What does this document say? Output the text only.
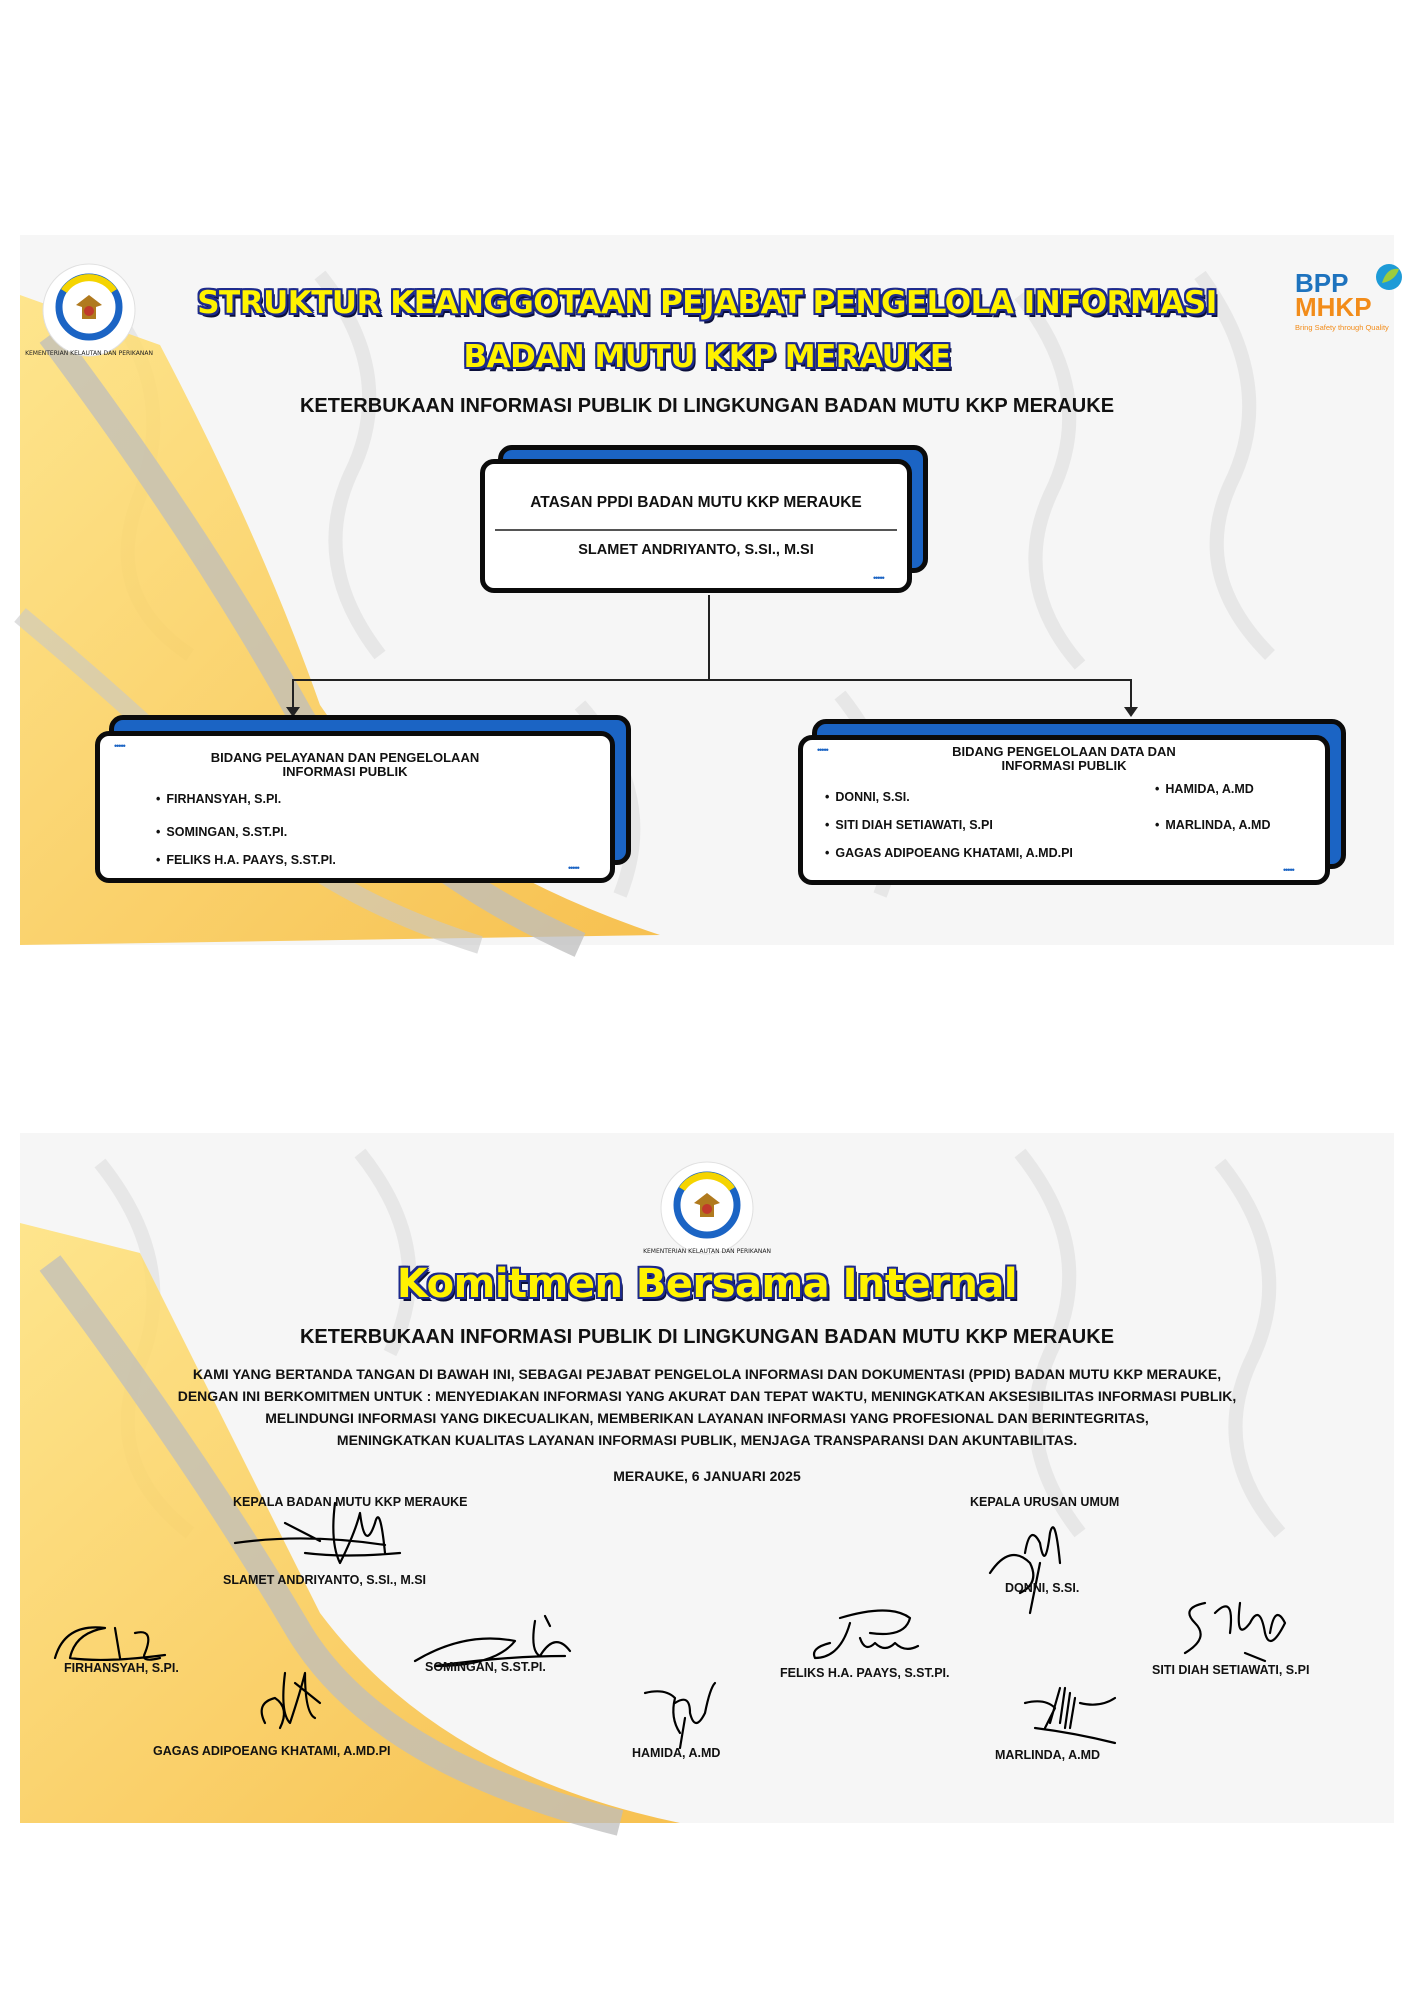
KEMENTERIAN KELAUTAN DAN PERIKANAN
BPP
MHKP
Bring Safety through Quality
STRUKTUR KEANGGOTAAN PEJABAT PENGELOLA INFORMASI
BADAN MUTU KKP MERAUKE
KETERBUKAAN INFORMASI PUBLIK DI LINGKUNGAN BADAN MUTU KKP MERAUKE
ATASAN PPDI BADAN MUTU KKP MERAUKE
SLAMET ANDRIYANTO, S.SI., M.SI
•••••
•••••
BIDANG PELAYANAN DAN PENGELOLAAN
INFORMASI PUBLIK
• FIRHANSYAH, S.PI.
• SOMINGAN, S.ST.PI.
• FELIKS H.A. PAAYS, S.ST.PI.
•••••
•••••	BIDANG PENGELOLAAN DATA DAN
INFORMASI PUBLIK
• DONNI, S.SI.
• SITI DIAH SETIAWATI, S.PI
• GAGAS ADIPOEANG KHATAMI, A.MD.PI
• HAMIDA, A.MD
• MARLINDA, A.MD
•••••
KEMENTERIAN KELAUTAN DAN PERIKANAN
Komitmen Bersama Internal
KETERBUKAAN INFORMASI PUBLIK DI LINGKUNGAN BADAN MUTU KKP MERAUKE
KAMI YANG BERTANDA TANGAN DI BAWAH INI, SEBAGAI PEJABAT PENGELOLA INFORMASI DAN DOKUMENTASI (PPID) BADAN MUTU KKP MERAUKE,
DENGAN INI BERKOMITMEN UNTUK : MENYEDIAKAN INFORMASI YANG AKURAT DAN TEPAT WAKTU, MENINGKATKAN AKSESIBILITAS INFORMASI PUBLIK,
MELINDUNGI INFORMASI YANG DIKECUALIKAN, MEMBERIKAN LAYANAN INFORMASI YANG PROFESIONAL DAN BERINTEGRITAS,
MENINGKATKAN KUALITAS LAYANAN INFORMASI PUBLIK, MENJAGA TRANSPARANSI DAN AKUNTABILITAS.
MERAUKE, 6 JANUARI 2025
KEPALA BADAN MUTU KKP MERAUKE	KEPALA URUSAN UMUM
SLAMET ANDRIYANTO, S.SI., M.SI
DONNI, S.SI.
FIRHANSYAH, S.PI.	SOMINGAN, S.ST.PI.	FELIKS H.A. PAAYS, S.ST.PI.	SITI DIAH SETIAWATI, S.PI
GAGAS ADIPOEANG KHATAMI, A.MD.PI	HAMIDA, A.MD	MARLINDA, A.MD
